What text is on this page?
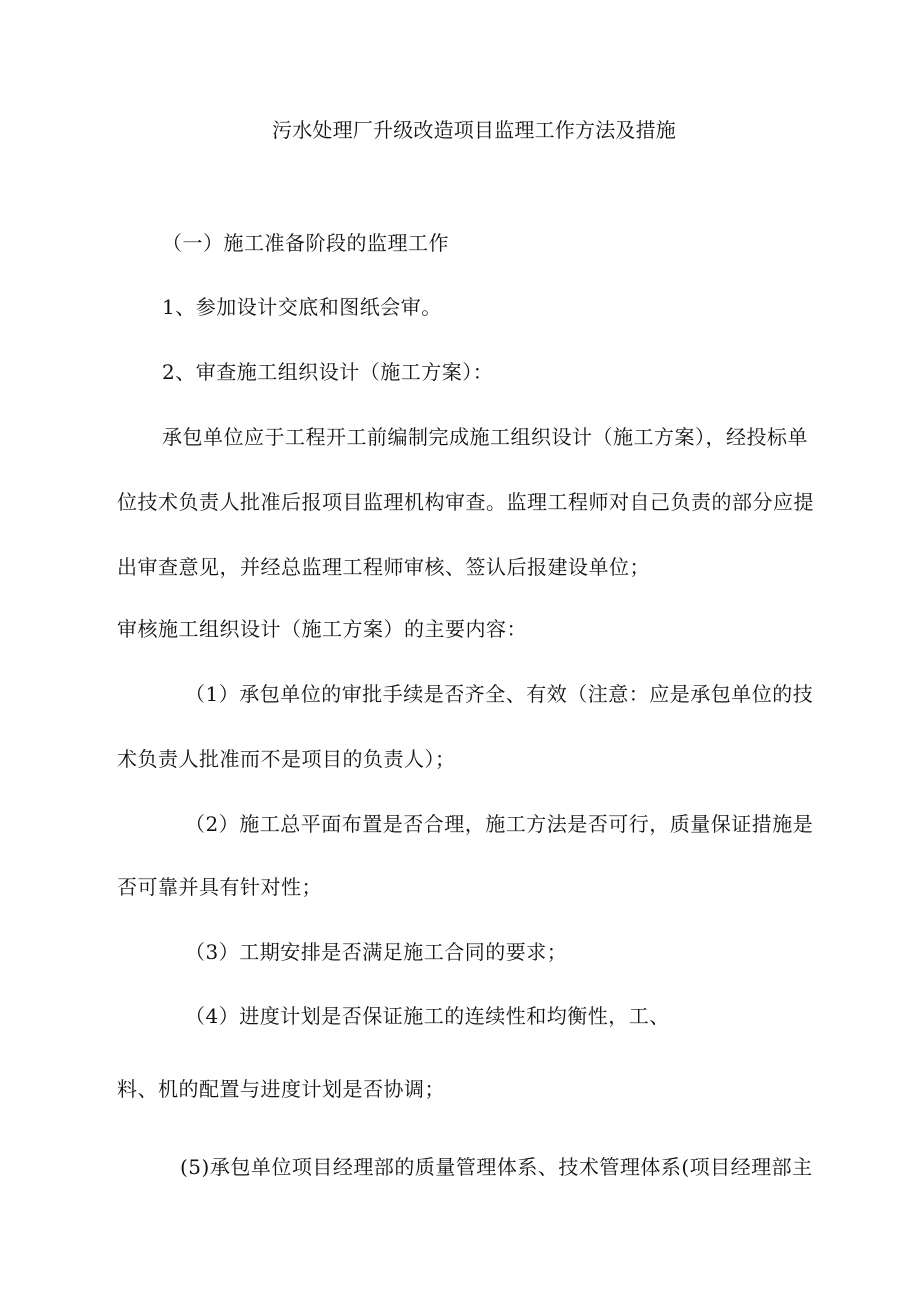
污水处理厂升级改造项目监理工作方法及措施
（一）施工准备阶段的监理工作
1、参加设计交底和图纸会审。
2、审查施工组织设计（施工方案）：
承包单位应于工程开工前编制完成施工组织设计（施工方案），经投标单
位技术负责人批准后报项目监理机构审查。监理工程师对自己负责的部分应提
出审查意见，并经总监理工程师审核、签认后报建设单位；
审核施工组织设计（施工方案）的主要内容：
（1）承包单位的审批手续是否齐全、有效（注意：应是承包单位的技
术负责人批准而不是项目的负责人）；
（2）施工总平面布置是否合理，施工方法是否可行，质量保证措施是
否可靠并具有针对性；
（3）工期安排是否满足施工合同的要求；
（4）进度计划是否保证施工的连续性和均衡性，工、
料、机的配置与进度计划是否协调；
(5)承包单位项目经理部的质量管理体系、技术管理体系(项目经理部主
